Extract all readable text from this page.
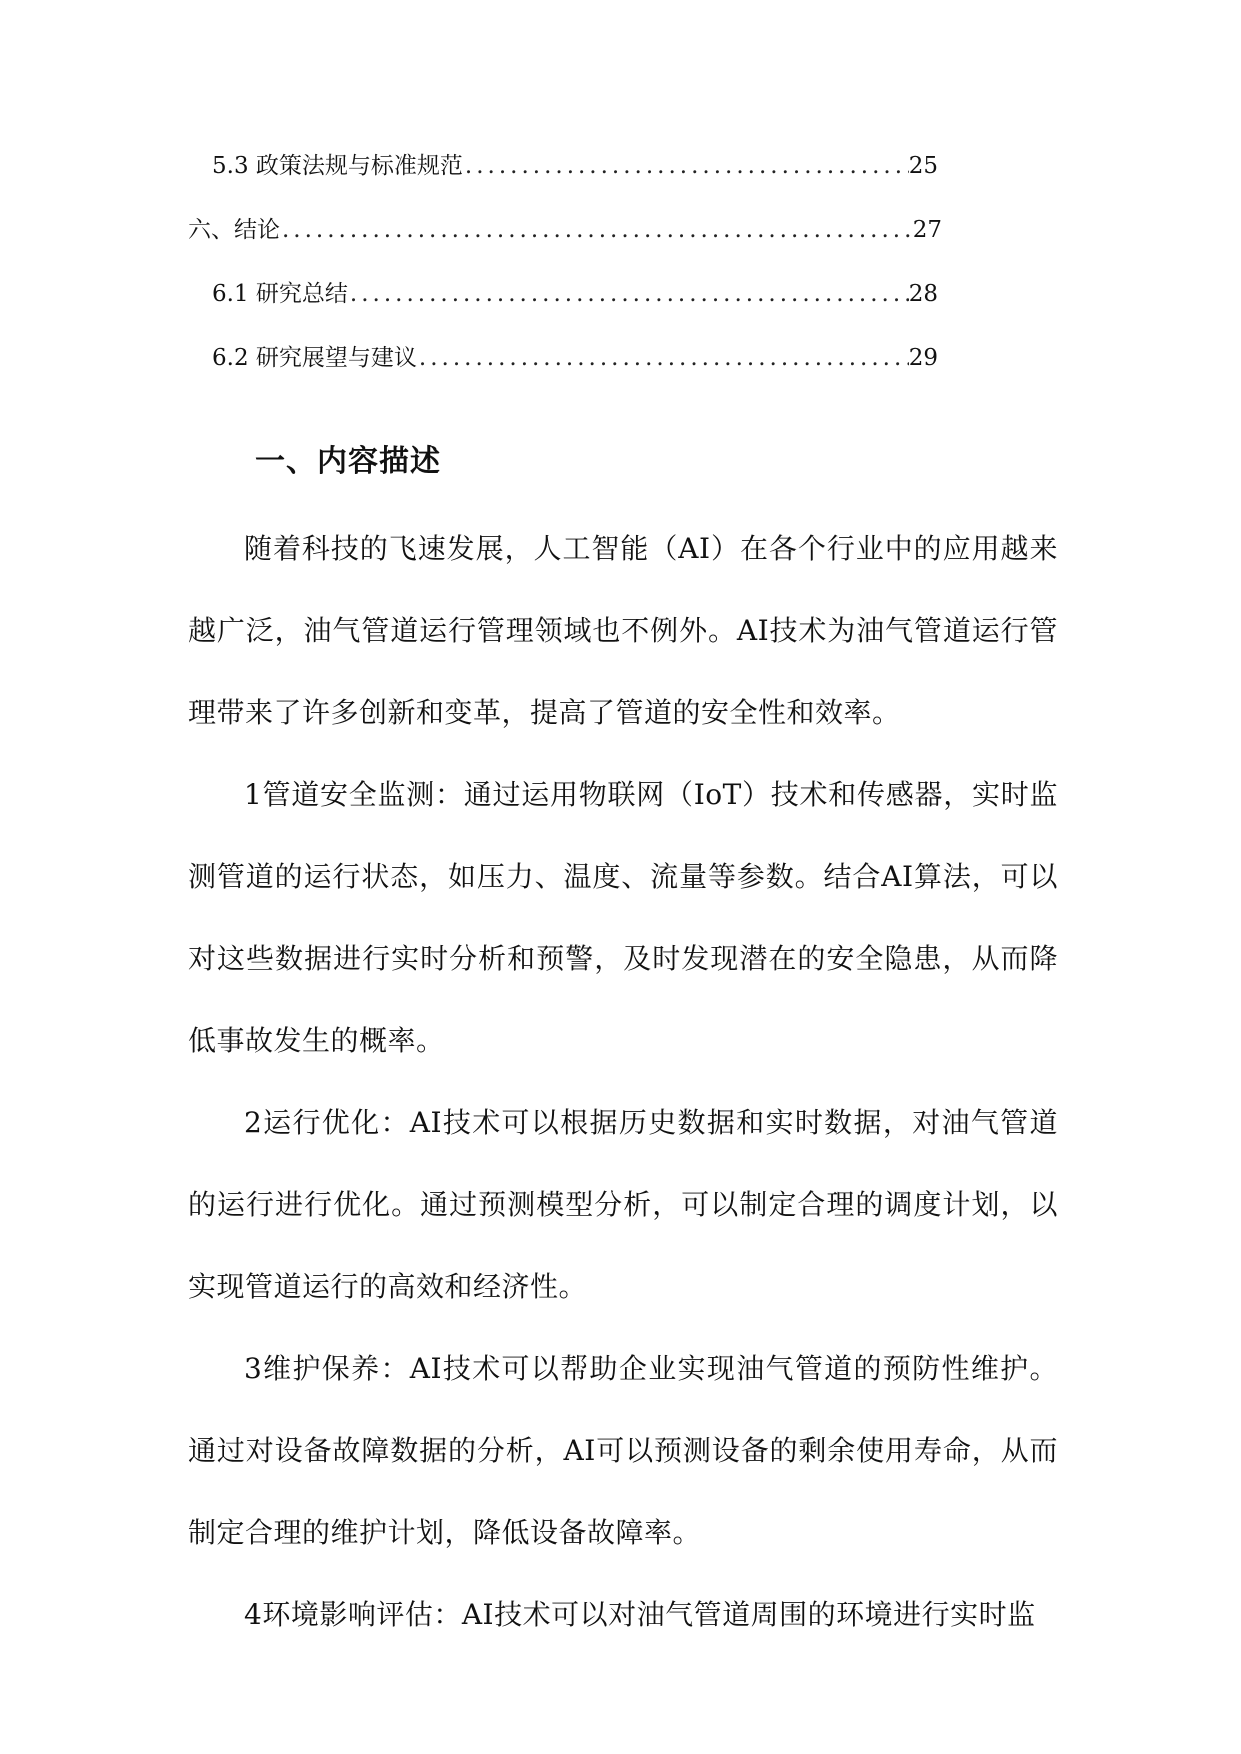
5.3 政策法规与标准规范 .....	25
六、结论 .....	27
6.1 研究总结 .....	28
6.2 研究展望与建议 .....	29
一、内容描述

随着科技的飞速发展，人工智能（AI）在各个行业中的应用越来越广泛，油气管道运行管理领域也不例外。AI技术为油气管道运行管理带来了许多创新和变革，提高了管道的安全性和效率。

1管道安全监测：通过运用物联网（IoT）技术和传感器，实时监测管道的运行状态，如压力、温度、流量等参数。结合AI算法，可以对这些数据进行实时分析和预警，及时发现潜在的安全隐患，从而降低事故发生的概率。

2运行优化：AI技术可以根据历史数据和实时数据，对油气管道的运行进行优化。通过预测模型分析，可以制定合理的调度计划，以实现管道运行的高效和经济性。

3维护保养：AI技术可以帮助企业实现油气管道的预防性维护。通过对设备故障数据的分析，AI可以预测设备的剩余使用寿命，从而制定合理的维护计划，降低设备故障率。

4环境影响评估：AI技术可以对油气管道周围的环境进行实时监
